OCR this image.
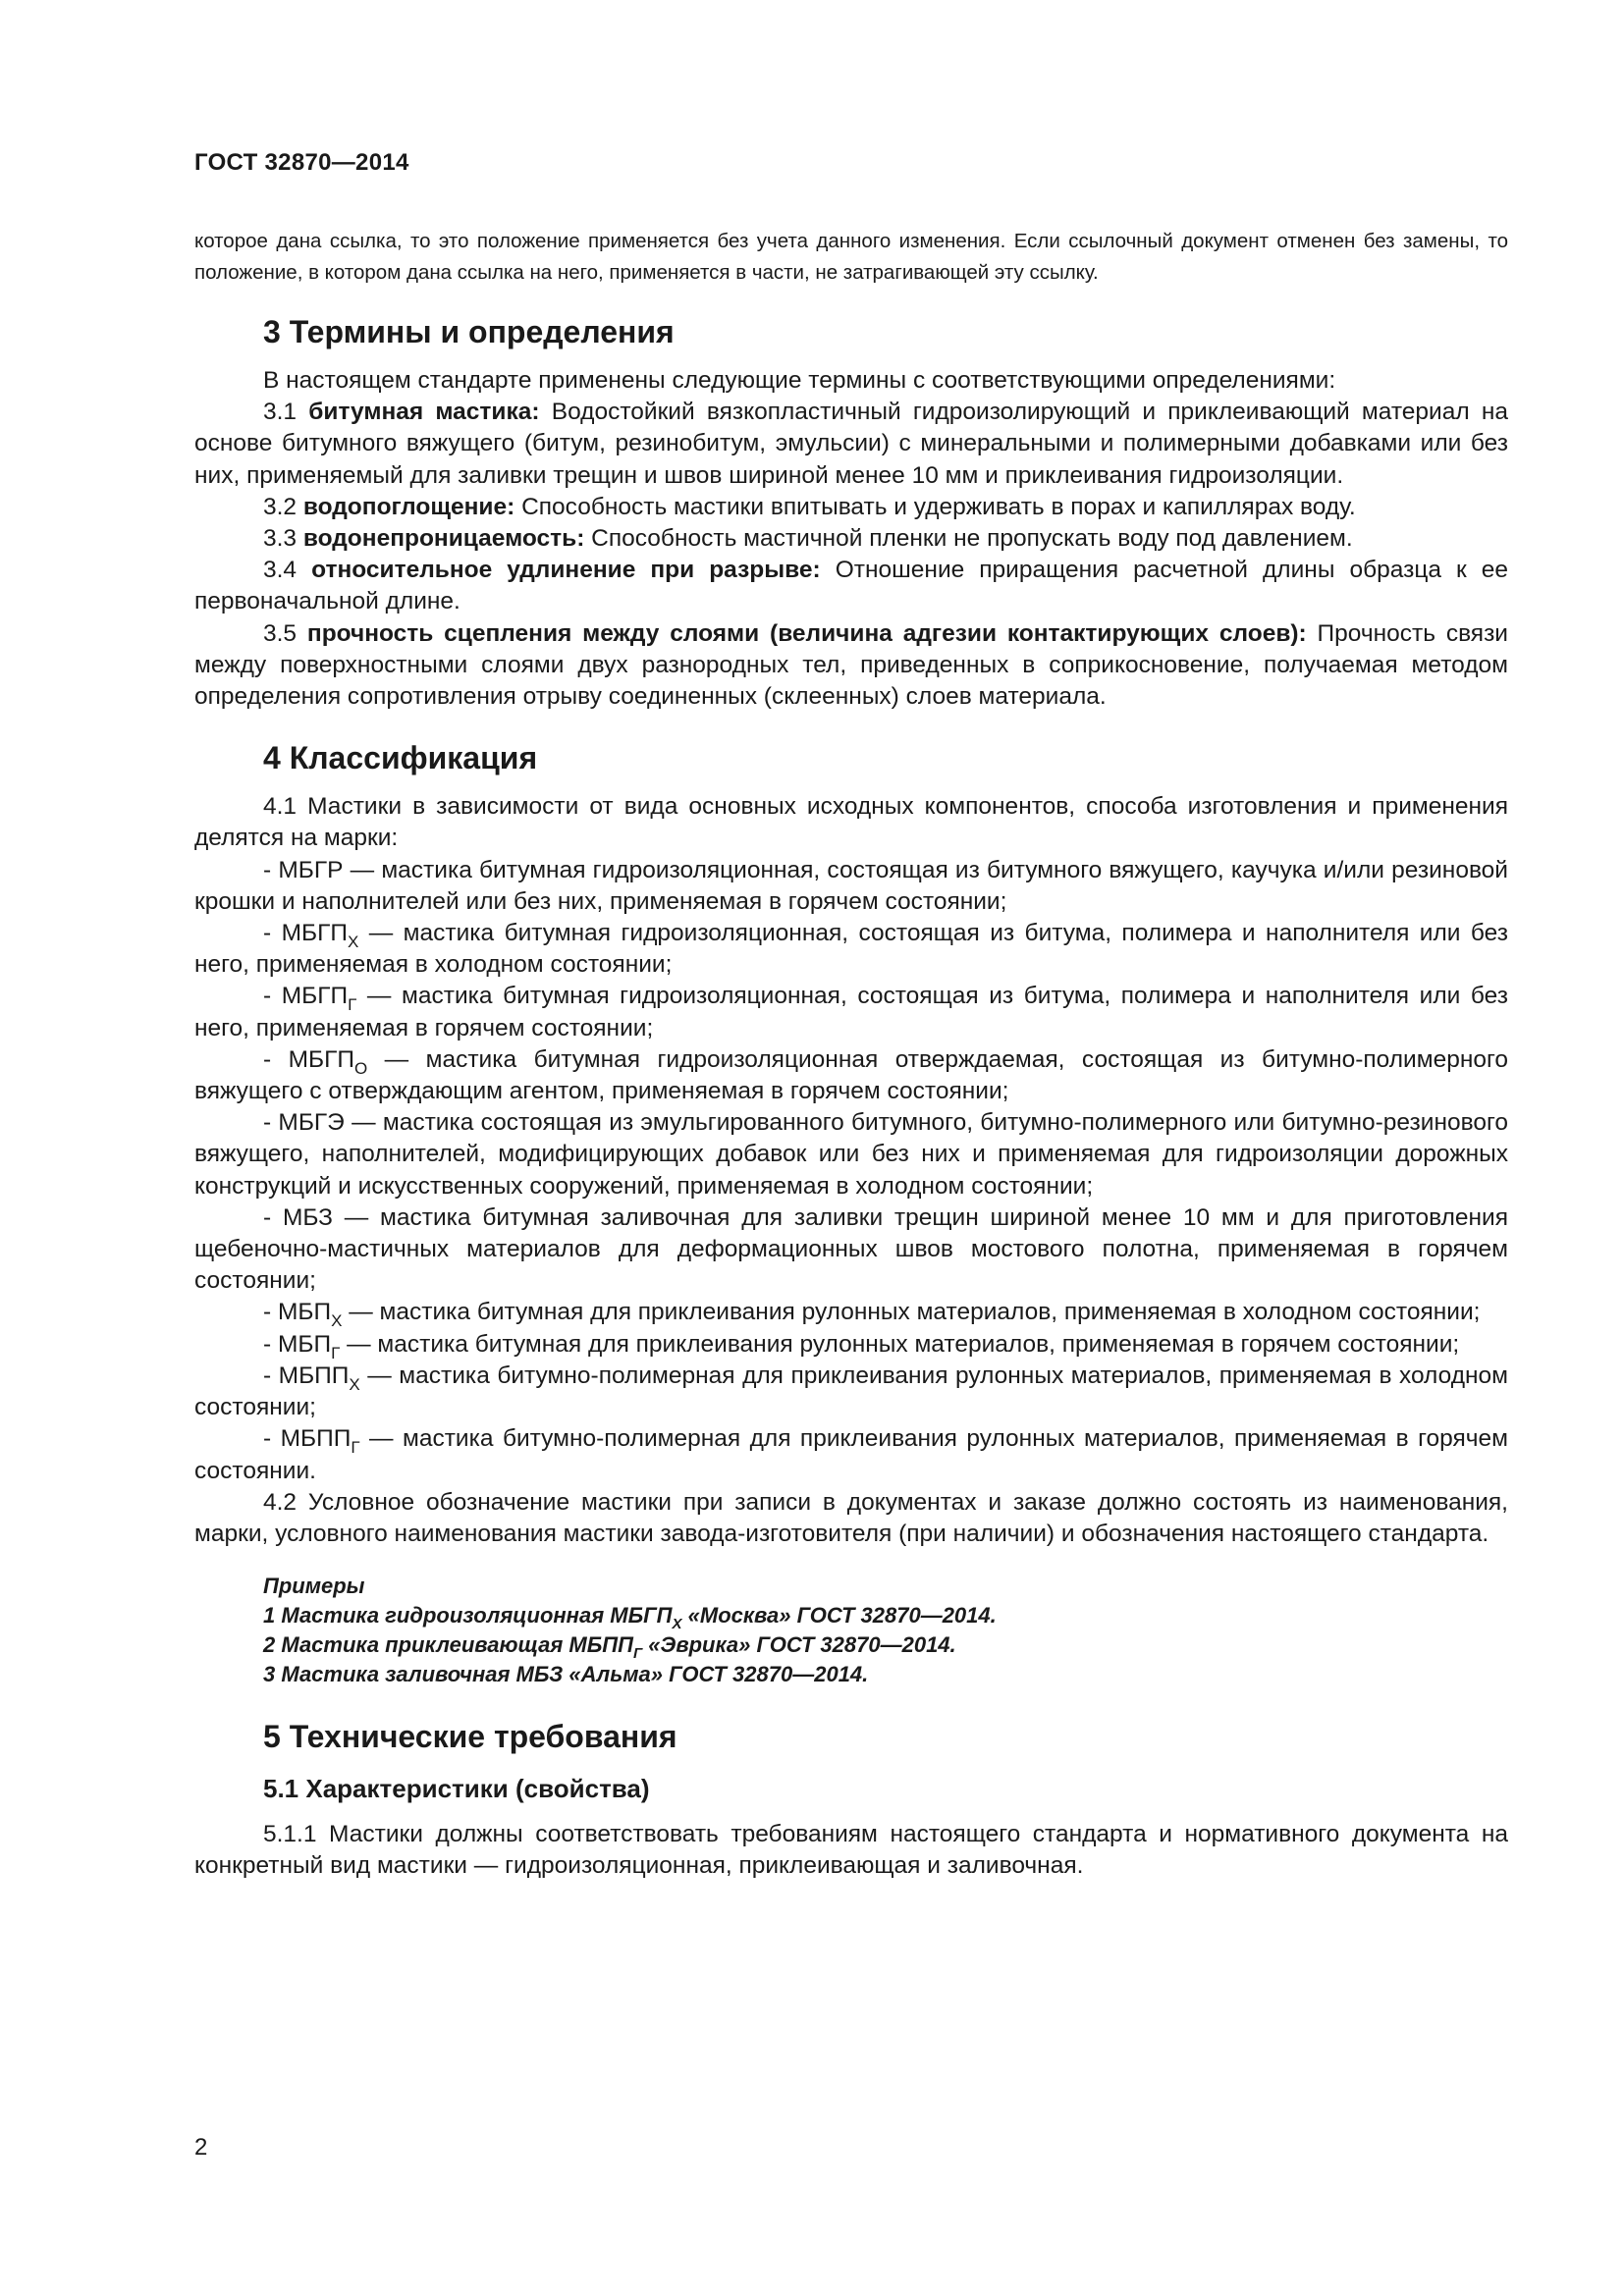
ГОСТ 32870—2014

которое дана ссылка, то это положение применяется без учета данного изменения. Если ссылочный документ отменен без замены, то положение, в котором дана ссылка на него, применяется в части, не затрагивающей эту ссылку.

3 Термины и определения

В настоящем стандарте применены следующие термины с соответствующими определениями:

3.1 битумная мастика: Водостойкий вязкопластичный гидроизолирующий и приклеивающий материал на основе битумного вяжущего (битум, резинобитум, эмульсии) с минеральными и полимерными добавками или без них, применяемый для заливки трещин и швов шириной менее 10 мм и приклеивания гидроизоляции.

3.2 водопоглощение: Способность мастики впитывать и удерживать в порах и капиллярах воду.

3.3 водонепроницаемость: Способность мастичной пленки не пропускать воду под давлением.

3.4 относительное удлинение при разрыве: Отношение приращения расчетной длины образца к ее первоначальной длине.

3.5 прочность сцепления между слоями (величина адгезии контактирующих слоев): Прочность связи между поверхностными слоями двух разнородных тел, приведенных в соприкосновение, получаемая методом определения сопротивления отрыву соединенных (склеенных) слоев материала.

4 Классификация

4.1 Мастики в зависимости от вида основных исходных компонентов, способа изготовления и применения делятся на марки:

- МБГР — мастика битумная гидроизоляционная, состоящая из битумного вяжущего, каучука и/или резиновой крошки и наполнителей или без них, применяемая в горячем состоянии;

- $МБГП_Х$ — мастика битумная гидроизоляционная, состоящая из битума, полимера и наполнителя или без него, применяемая в холодном состоянии;

- $МБГП_Г$ — мастика битумная гидроизоляционная, состоящая из битума, полимера и наполнителя или без него, применяемая в горячем состоянии;

- $МБГП_О$ — мастика битумная гидроизоляционная отверждаемая, состоящая из битумно-полимерного вяжущего с отверждающим агентом, применяемая в горячем состоянии;

- МБГЭ — мастика состоящая из эмульгированного битумного, битумно-полимерного или битумно-резинового вяжущего, наполнителей, модифицирующих добавок или без них и применяемая для гидроизоляции дорожных конструкций и искусственных сооружений, применяемая в холодном состоянии;

- МБЗ — мастика битумная заливочная для заливки трещин шириной менее 10 мм и для приготовления щебеночно-мастичных материалов для деформационных швов мостового полотна, применяемая в горячем состоянии;

- $МБП_Х$ — мастика битумная для приклеивания рулонных материалов, применяемая в холодном состоянии;

- $МБП_Г$ — мастика битумная для приклеивания рулонных материалов, применяемая в горячем состоянии;

- $МБПП_Х$ — мастика битумно-полимерная для приклеивания рулонных материалов, применяемая в холодном состоянии;

- $МБПП_Г$ — мастика битумно-полимерная для приклеивания рулонных материалов, применяемая в горячем состоянии.

4.2 Условное обозначение мастики при записи в документах и заказе должно состоять из наименования, марки, условного наименования мастики завода-изготовителя (при наличии) и обозначения настоящего стандарта.

Примеры

1 Мастика гидроизоляционная $МБГП_Х$ «Москва» ГОСТ 32870—2014.

2 Мастика приклеивающая $МБПП_Г$ «Эврика» ГОСТ 32870—2014.

3 Мастика заливочная МБЗ «Альма» ГОСТ 32870—2014.

5 Технические требования
5.1 Характеристики (свойства)

5.1.1 Мастики должны соответствовать требованиям настоящего стандарта и нормативного документа на конкретный вид мастики — гидроизоляционная, приклеивающая и заливочная.

2
